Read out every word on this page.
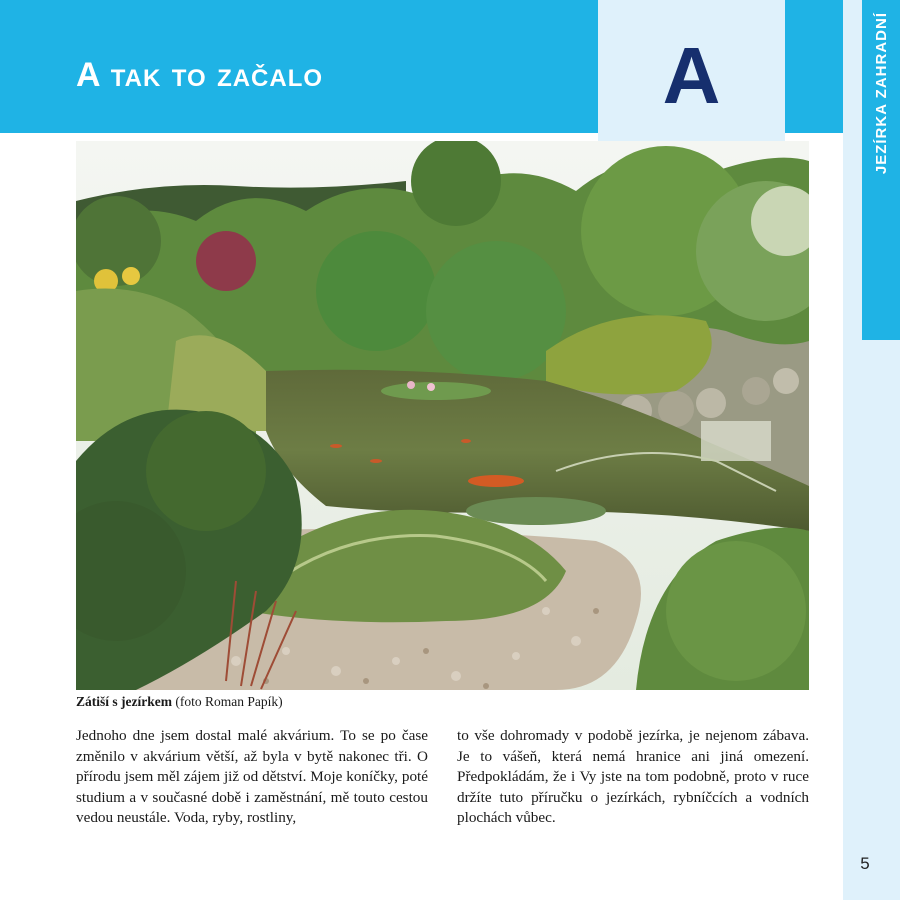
A tak to začalo	A	JEZÍRKA ZAHRADNÍ
5
Zátiší s jezírkem (foto Roman Papík)

Jednoho dne jsem dostal malé akvárium. To se po čase změnilo v akvárium větší, až byla v bytě nakonec tři. O přírodu jsem měl zájem již od dětství. Moje koníčky, poté studium a v současné době i zaměstnání, mě touto cestou vedou neustále. Voda, ryby, rostliny,

to vše dohromady v podobě jezírka, je nejenom zábava. Je to vášeň, která nemá hranice ani jiná omezení. Předpokládám, že i Vy jste na tom podobně, proto v ruce držíte tuto příručku o jezírkách, rybníčcích a vodních plochách vůbec.
